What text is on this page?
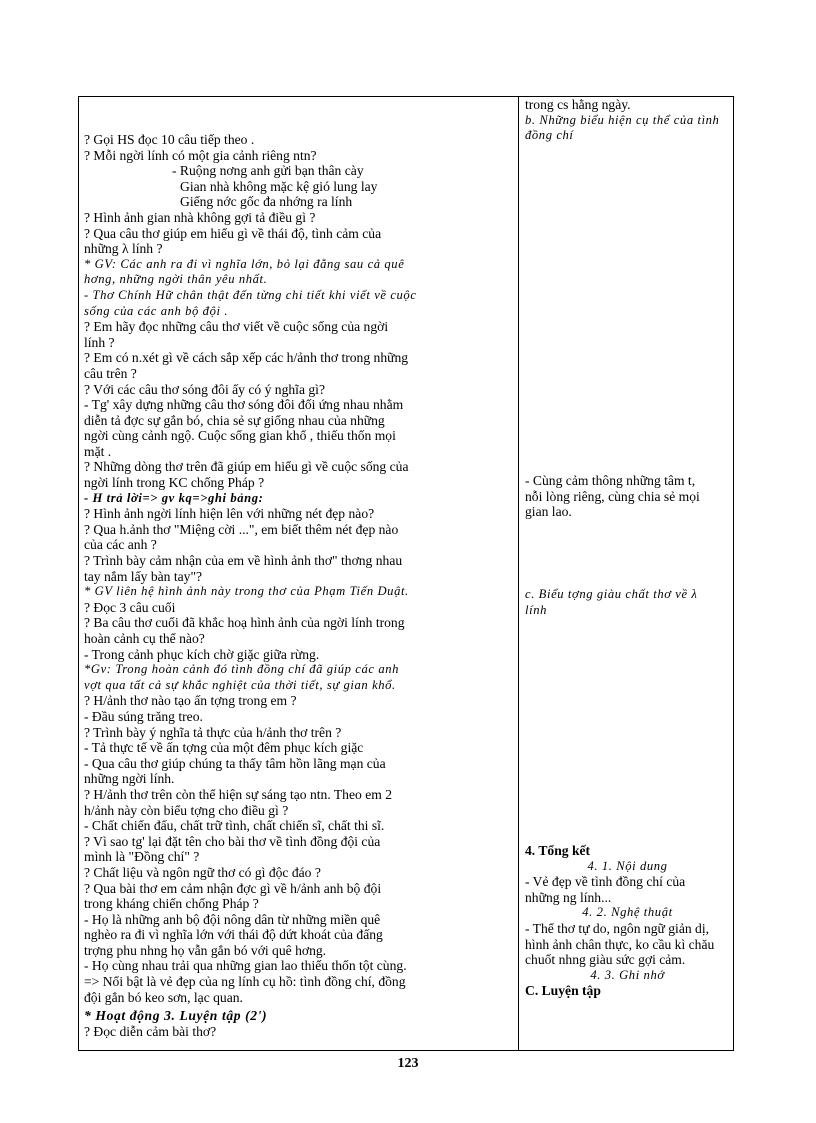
? Gọi HS đọc 10 câu tiếp theo .
? Mỗi ngời lính có một gia cảnh riêng ntn?
- Ruộng nơng anh gửi bạn thân cày
Gian nhà không mặc kệ gió lung lay
Giếng nớc gốc đa nhớng ra lính
? Hình ảnh gian nhà không gợi tả điều gì ?
? Qua câu thơ giúp em hiểu gì về thái độ, tình cảm của
những λ lính ?
* GV: Các anh ra đi vì nghĩa lớn, bỏ lại đằng sau cả quê
hơng, những ngời thân yêu nhất.
- Thơ Chính Hữ chân thật đến từng chi tiết khi viết về cuộc
sống của các anh bộ đội .
? Em hãy đọc những câu thơ viết về cuộc sống của ngời
lính ?
? Em có n.xét gì về cách sắp xếp các h/ảnh thơ trong những
câu trên ?
? Với các câu thơ sóng đôi ấy có ý nghĩa gì?
- Tg' xây dựng những câu thơ sóng đôi đối ứng nhau nhằm
diễn tả đợc sự gắn bó, chia sẻ sự giống nhau của những
ngời cùng cảnh ngộ. Cuộc sống gian khổ , thiếu thốn mọi
mặt .
? Những dòng thơ trên đã giúp em hiểu gì về cuộc sống của
ngời lính trong KC chống Pháp ?
- H trả lời=> gv kq=>ghi bảng:
? Hình ảnh ngời lính hiện lên với những nét đẹp nào?
? Qua h.ảnh thơ "Miệng cời ...", em biết thêm nét đẹp nào
của các anh ?
? Trình bày cảm nhận của em về hình ảnh thơ" thơng nhau
tay nắm lấy bàn tay"?
* GV liên hệ hình ảnh này trong thơ của Phạm Tiến Duật.
? Đọc 3 câu cuối
? Ba câu thơ cuối đã khắc hoạ hình ảnh của ngời lính trong
hoàn cảnh cụ thể nào?
- Trong cảnh phục kích chờ giặc giữa rừng.
*Gv: Trong hoàn cảnh đó tình đồng chí đã giúp các anh
vợt qua tất cả sự khắc nghiệt của thời tiết, sự gian khổ.
? H/ảnh thơ nào tạo ấn tợng trong em ?
- Đầu súng trăng treo.
? Trình bày ý nghĩa tả thực của h/ảnh thơ trên ?
- Tả thực tế về ấn tợng của một đêm phục kích giặc
- Qua câu thơ giúp chúng ta thấy tâm hồn lãng mạn của
những ngời lính.
? H/ảnh thơ trên còn thể hiện sự sáng tạo ntn. Theo em 2
h/ảnh này còn biểu tợng cho điều gì ?
- Chất chiến đấu, chất trữ tình, chất chiến sĩ, chất thi sĩ.
? Vì sao tg' lại đặt tên cho bài thơ về tình đồng đội của
mình là "Đồng chí" ?
? Chất liệu và ngôn ngữ thơ có gì độc đáo ?
? Qua bài thơ em cảm nhận đợc gì về h/ảnh anh bộ đội
trong kháng chiến chống Pháp ?
- Họ là những anh bộ đội nông dân từ những miền quê
nghèo ra đi vì nghĩa lớn với thái độ dứt khoát của đấng
trợng phu nhng họ vẫn gắn bó với quê hơng.
- Họ cùng nhau trải qua những gian lao thiếu thốn tột cùng.
=> Nổi bật là vẻ đẹp của ng lính cụ hồ: tình đồng chí, đồng
đội gắn bó keo sơn, lạc quan.
* Hoạt động 3. Luyện tập (2')
? Đọc diễn cảm bài thơ?
trong cs hằng ngày.
b. Những biểu hiện cụ thể của tình
đồng chí
- Cùng cảm thông những tâm t,
nỗi lòng riêng, cùng chia sẻ mọi
gian lao.
c. Biểu tợng giàu chất thơ về λ
lính
4. Tổng kết
4. 1. Nội dung
- Vẻ đẹp về tình đồng chí của
những ng lính...
4. 2. Nghệ thuật
- Thể thơ tự do, ngôn ngữ giản dị,
hình ảnh chân thực, ko cầu kì chău
chuốt nhng giàu sức gợi cảm.
4. 3. Ghi nhớ
C. Luyện tập
123
